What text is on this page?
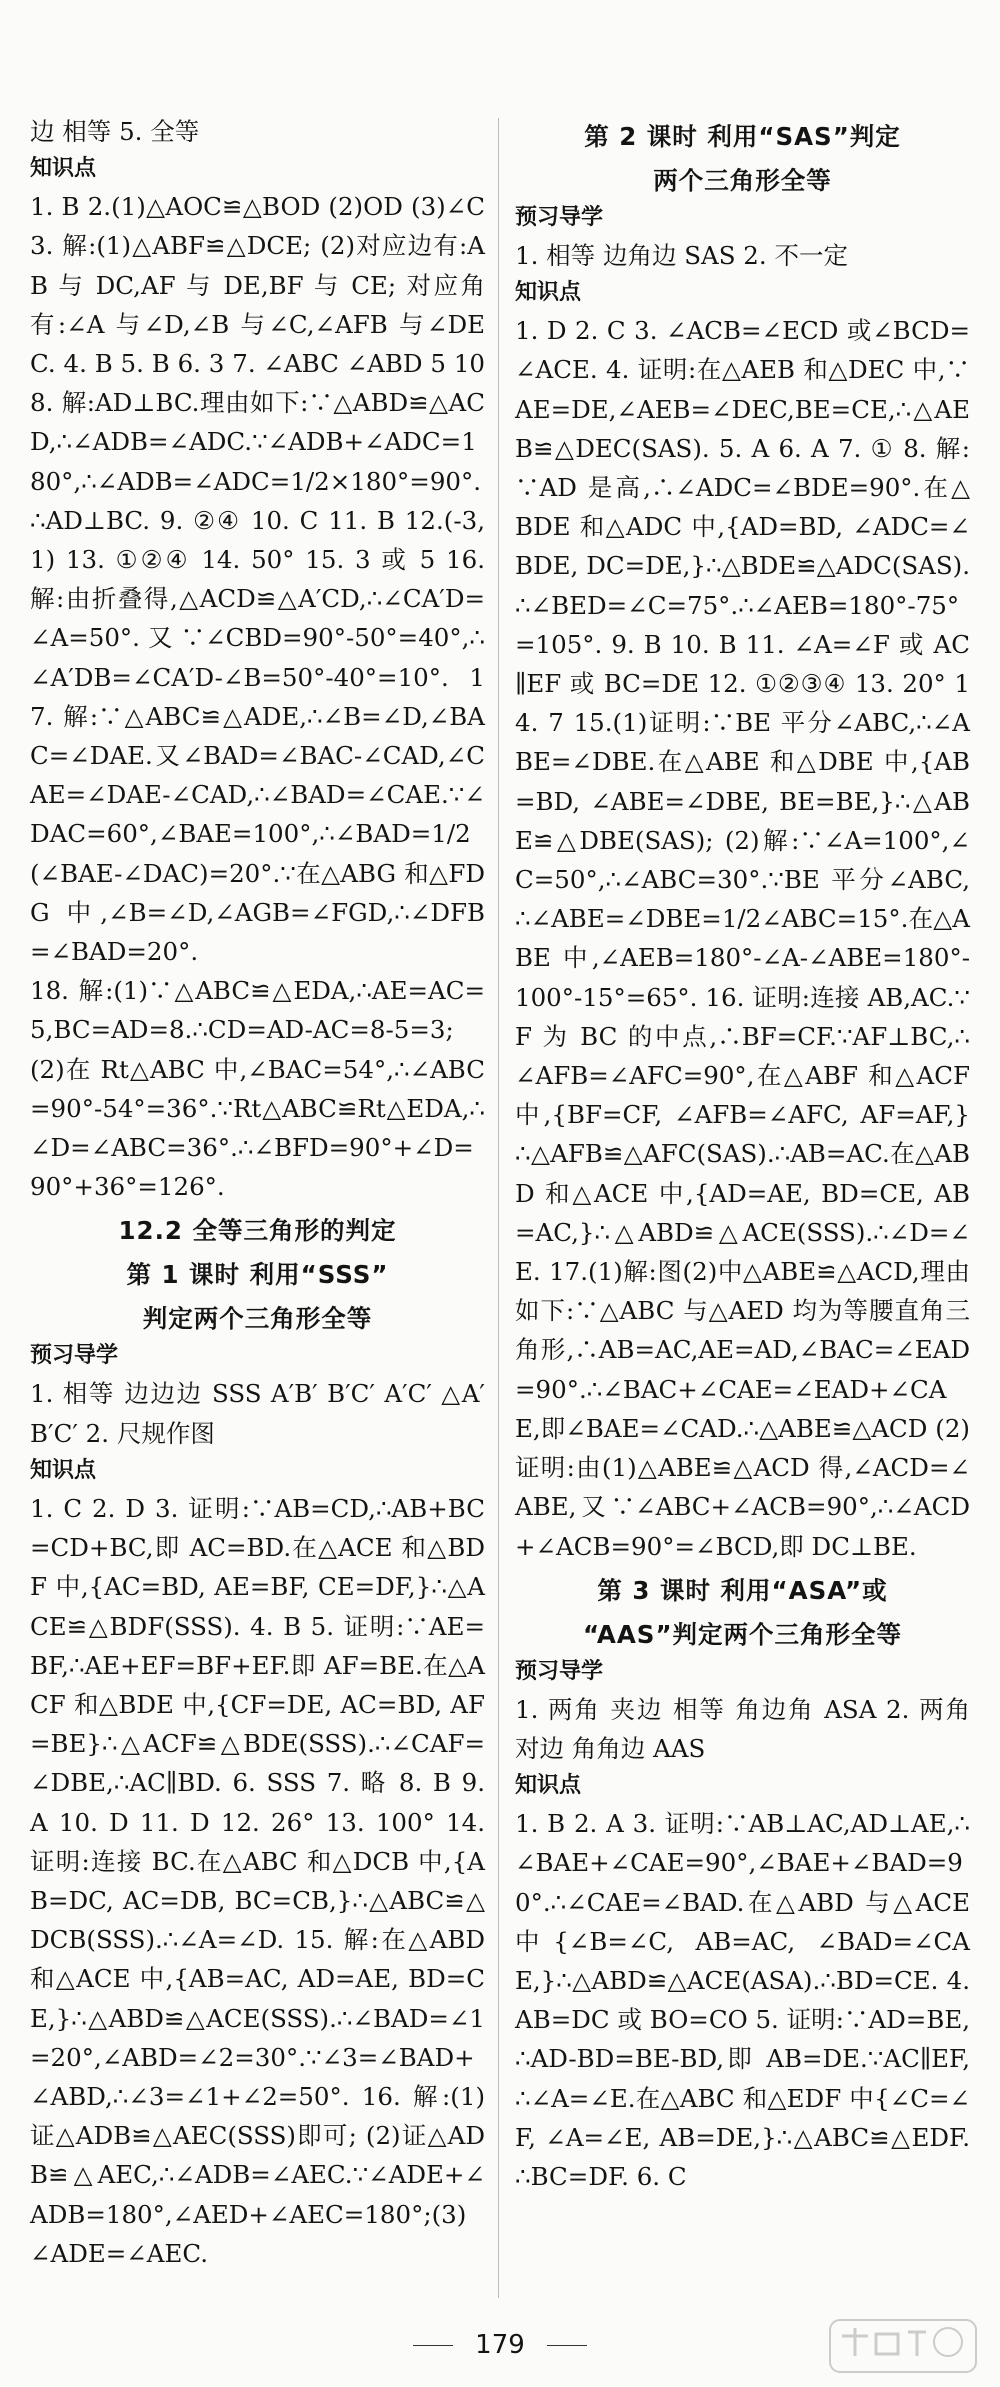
边 相等 5. 全等

知识点

1. B 2.(1)△AOC≌△BOD (2)OD (3)∠C 3. 解:(1)△ABF≌△DCE; (2)对应边有:AB 与 DC,AF 与 DE,BF 与 CE; 对应角有:∠A 与∠D,∠B 与∠C,∠AFB 与∠DEC. 4. B 5. B 6. 3 7. ∠ABC ∠ABD 5 10 8. 解:AD⊥BC.理由如下:∵△ABD≌△ACD,∴∠ADB=∠ADC.∵∠ADB+∠ADC=180°,∴∠ADB=∠ADC=1/2×180°=90°.∴AD⊥BC. 9. ②④ 10. C 11. B 12.(-3,1) 13. ①②④ 14. 50° 15. 3 或 5 16. 解:由折叠得,△ACD≌△A′CD,∴∠CA′D=∠A=50°.又∵∠CBD=90°-50°=40°,∴∠A′DB=∠CA′D-∠B=50°-40°=10°. 17. 解:∵△ABC≌△ADE,∴∠B=∠D,∠BAC=∠DAE.又∠BAD=∠BAC-∠CAD,∠CAE=∠DAE-∠CAD,∴∠BAD=∠CAE.∵∠DAC=60°,∠BAE=100°,∴∠BAD=1/2(∠BAE-∠DAC)=20°.∵在△ABG 和△FDG 中,∠B=∠D,∠AGB=∠FGD,∴∠DFB=∠BAD=20°.

18. 解:(1)∵△ABC≌△EDA,∴AE=AC=5,BC=AD=8.∴CD=AD-AC=8-5=3; (2)在 Rt△ABC 中,∠BAC=54°,∴∠ABC=90°-54°=36°.∵Rt△ABC≌Rt△EDA,∴∠D=∠ABC=36°.∴∠BFD=90°+∠D=90°+36°=126°.

12.2 全等三角形的判定
第 1 课时 利用“SSS”
判定两个三角形全等
预习导学

1. 相等 边边边 SSS A′B′ B′C′ A′C′ △A′B′C′ 2. 尺规作图

知识点

1. C 2. D 3. 证明:∵AB=CD,∴AB+BC=CD+BC,即 AC=BD.在△ACE 和△BDF 中,{AC=BD, AE=BF, CE=DF,}∴△ACE≌△BDF(SSS). 4. B 5. 证明:∵AE=BF,∴AE+EF=BF+EF.即 AF=BE.在△ACF 和△BDE 中,{CF=DE, AC=BD, AF=BE}∴△ACF≌△BDE(SSS).∴∠CAF=∠DBE,∴AC∥BD. 6. SSS 7. 略 8. B 9. A 10. D 11. D 12. 26° 13. 100° 14. 证明:连接 BC.在△ABC 和△DCB 中,{AB=DC, AC=DB, BC=CB,}∴△ABC≌△DCB(SSS).∴∠A=∠D. 15. 解:在△ABD 和△ACE 中,{AB=AC, AD=AE, BD=CE,}∴△ABD≌△ACE(SSS).∴∠BAD=∠1=20°,∠ABD=∠2=30°.∵∠3=∠BAD+∠ABD,∴∠3=∠1+∠2=50°. 16. 解:(1)证△ADB≌△AEC(SSS)即可; (2)证△ADB≌△AEC,∴∠ADB=∠AEC.∵∠ADE+∠ADB=180°,∠AED+∠AEC=180°;(3)∠ADE=∠AEC.

第 2 课时 利用“SAS”判定
两个三角形全等
预习导学

1. 相等 边角边 SAS 2. 不一定

知识点

1. D 2. C 3. ∠ACB=∠ECD 或∠BCD=∠ACE. 4. 证明:在△AEB 和△DEC 中,∵AE=DE,∠AEB=∠DEC,BE=CE,∴△AEB≌△DEC(SAS). 5. A 6. A 7. ① 8. 解:∵AD 是高,∴∠ADC=∠BDE=90°.在△BDE 和△ADC 中,{AD=BD, ∠ADC=∠BDE, DC=DE,}∴△BDE≌△ADC(SAS).∴∠BED=∠C=75°.∴∠AEB=180°-75°=105°. 9. B 10. B 11. ∠A=∠F 或 AC∥EF 或 BC=DE 12. ①②③④ 13. 20° 14. 7 15.(1)证明:∵BE 平分∠ABC,∴∠ABE=∠DBE.在△ABE 和△DBE 中,{AB=BD, ∠ABE=∠DBE, BE=BE,}∴△ABE≌△DBE(SAS); (2)解:∵∠A=100°,∠C=50°,∴∠ABC=30°.∵BE 平分∠ABC,∴∠ABE=∠DBE=1/2∠ABC=15°.在△ABE 中,∠AEB=180°-∠A-∠ABE=180°-100°-15°=65°. 16. 证明:连接 AB,AC.∵F 为 BC 的中点,∴BF=CF.∵AF⊥BC,∴∠AFB=∠AFC=90°,在△ABF 和△ACF 中,{BF=CF, ∠AFB=∠AFC, AF=AF,}∴△AFB≌△AFC(SAS).∴AB=AC.在△ABD 和△ACE 中,{AD=AE, BD=CE, AB=AC,}∴△ABD≌△ACE(SSS).∴∠D=∠E. 17.(1)解:图(2)中△ABE≌△ACD,理由如下:∵△ABC 与△AED 均为等腰直角三角形,∴AB=AC,AE=AD,∠BAC=∠EAD=90°.∴∠BAC+∠CAE=∠EAD+∠CAE,即∠BAE=∠CAD.∴△ABE≌△ACD (2)证明:由(1)△ABE≌△ACD 得,∠ACD=∠ABE,又∵∠ABC+∠ACB=90°,∴∠ACD+∠ACB=90°=∠BCD,即 DC⊥BE.

第 3 课时 利用“ASA”或
“AAS”判定两个三角形全等
预习导学

1. 两角 夹边 相等 角边角 ASA 2. 两角 对边 角角边 AAS

知识点

1. B 2. A 3. 证明:∵AB⊥AC,AD⊥AE,∴∠BAE+∠CAE=90°,∠BAE+∠BAD=90°.∴∠CAE=∠BAD.在△ABD 与△ACE 中{∠B=∠C, AB=AC, ∠BAD=∠CAE,}∴△ABD≌△ACE(ASA).∴BD=CE. 4. AB=DC 或 BO=CO 5. 证明:∵AD=BE,∴AD-BD=BE-BD,即 AB=DE.∵AC∥EF,∴∠A=∠E.在△ABC 和△EDF 中{∠C=∠F, ∠A=∠E, AB=DE,}∴△ABC≌△EDF.∴BC=DF. 6. C

179
